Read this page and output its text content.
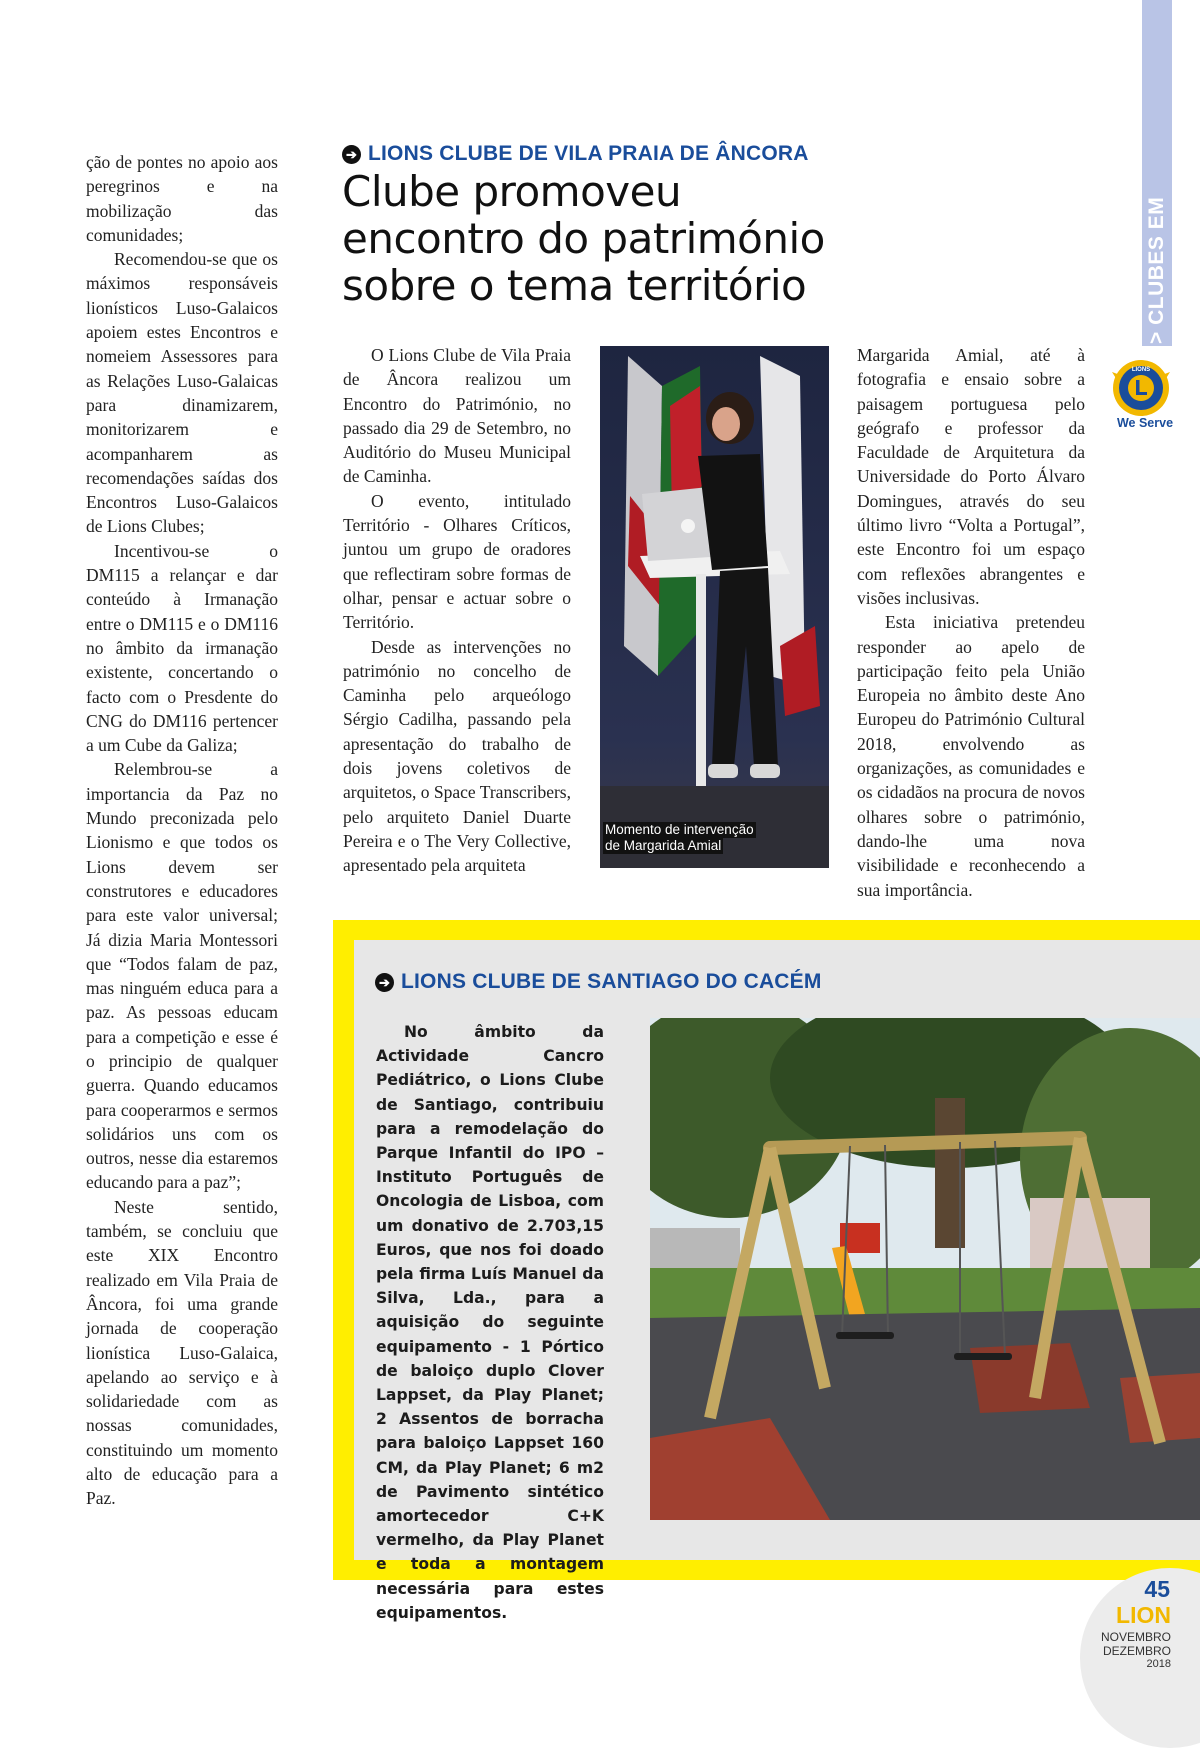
> CLUBES EM AÇÃO
LIONS
We Serve

ção de pontes no apoio aos peregrinos e na mobilização das comunidades;

Recomendou-se que os máximos responsáveis lionísticos Luso-Galaicos apoiem estes Encontros e nomeiem Assessores para as Relações Luso-Galaicas para dinamizarem, monitorizarem e acompanharem as recomendações saídas dos Encontros Luso-Galaicos de Lions Clubes;

Incentivou-se o DM115 a relançar e dar conteúdo à Irmanação entre o DM115 e o DM116 no âmbito da irmanação existente, concertando o facto com o Presdente do CNG do DM116 pertencer a um Cube da Galiza;

Relembrou-se a importancia da Paz no Mundo preconizada pelo Lionismo e que todos os Lions devem ser construtores e educadores para este valor universal; Já dizia Maria Montessori que “Todos falam de paz, mas ninguém educa para a paz. As pessoas educam para a competição e esse é o principio de qualquer guerra. Quando educamos para cooperarmos e sermos solidários uns com os outros, nesse dia estaremos educando para a paz”;

Neste sentido, também, se concluiu que este XIX Encontro realizado em Vila Praia de Âncora, foi uma grande jornada de cooperação lionística Luso-Galaica, apelando ao serviço e à solidariedade com as nossas comunidades, constituindo um momento alto de educação para a Paz.

➔ LIONS CLUBE DE VILA PRAIA DE ÂNCORA
Clube promoveu
encontro do património
sobre o tema território

O Lions Clube de Vila Praia de Âncora realizou um Encontro do Património, no passado dia 29 de Setembro, no Auditório do Museu Municipal de Caminha.

O evento, intitulado Território - Olhares Críticos, juntou um grupo de oradores que reflectiram sobre formas de olhar, pensar e actuar sobre o Território.

Desde as intervenções no património no concelho de Caminha pelo arqueólogo Sérgio Cadilha, passando pela apresentação do trabalho de dois jovens coletivos de arquitetos, o Space Transcribers, pelo arquiteto Daniel Duarte Pereira e o The Very Collective, apresentado pela arquiteta

Momento de intervenção
de Margarida Amial

Margarida Amial, até à fotografia e ensaio sobre a paisagem portuguesa pelo geógrafo e professor da Faculdade de Arquitetura da Universidade do Porto Álvaro Domingues, através do seu último livro “Volta a Portugal”, este Encontro foi um espaço com reflexões abrangentes e visões inclusivas.

Esta iniciativa pretendeu responder ao apelo de participação feito pela União Europeia no âmbito deste Ano Europeu do Património Cultural 2018, envolvendo as organizações, as comunidades e os cidadãos na procura de novos olhares sobre o património, dando-lhe uma nova visibilidade e reconhecendo a sua importância.

➔ LIONS CLUBE DE SANTIAGO DO CACÉM
No âmbito da Actividade Cancro Pediátrico, o Lions Clube de Santiago, contribuiu para a remodelação do Parque Infantil do IPO – Instituto Português de Oncologia de Lisboa, com um donativo de 2.703,15 Euros, que nos foi doado pela firma Luís Manuel da Silva, Lda., para a aquisição do seguinte equipamento - 1 Pórtico de baloiço duplo Clover Lappset, da Play Planet; 2 Assentos de borracha para baloiço Lappset 160 CM, da Play Planet; 6 m2 de Pavimento sintético amortecedor C+K vermelho, da Play Planet e toda a montagem necessária para estes equipamentos.
45
LION
NOVEMBRO
DEZEMBRO
2018
